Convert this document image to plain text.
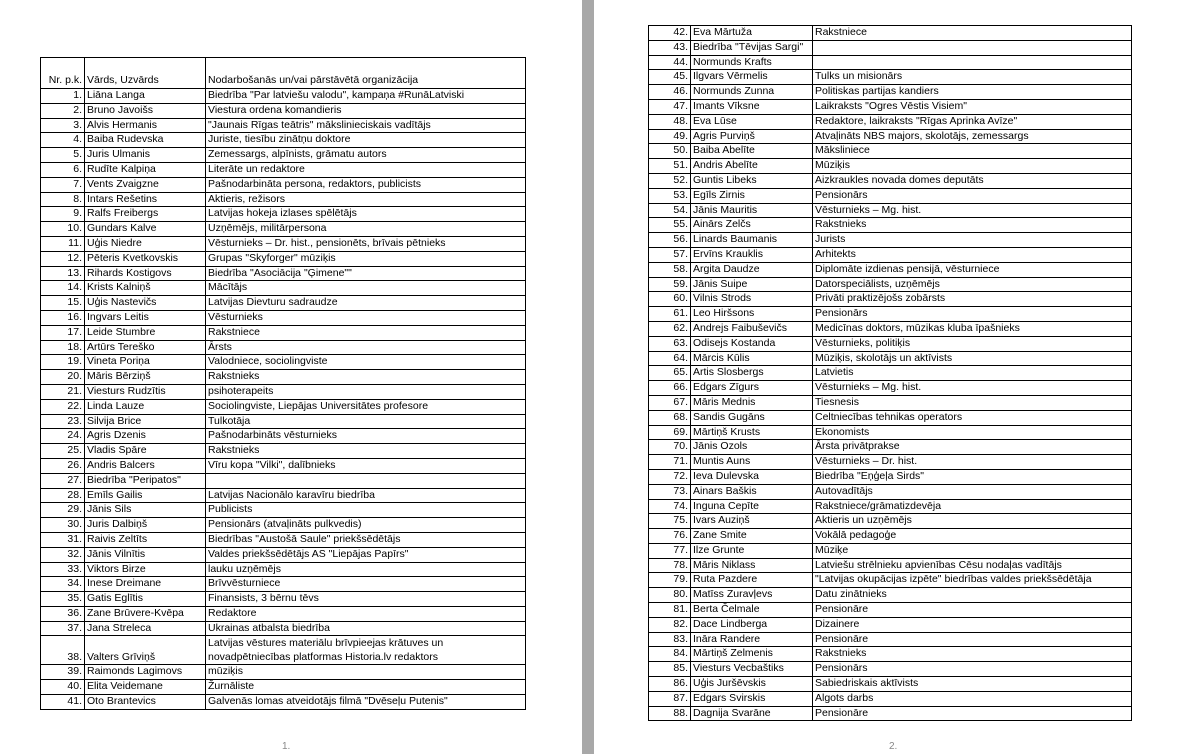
Nr. p.k.	Vārds, Uzvārds	Nodarbošanās un/vai pārstāvētā organizācija
1.	Liāna Langa	Biedrība "Par latviešu valodu", kampaņa #RunāLatviski
2.	Bruno Javoišs	Viestura ordena komandieris
3.	Alvis Hermanis	"Jaunais Rīgas teātris" mākslinieciskais vadītājs
4.	Baiba Rudevska	Juriste, tiesību zinātņu doktore
5.	Juris Ulmanis	Zemessargs, alpīnists, grāmatu autors
6.	Rudīte Kalpiņa	Literāte un redaktore
7.	Vents Zvaigzne	Pašnodarbināta persona, redaktors, publicists
8.	Intars Rešetins	Aktieris, režisors
9.	Ralfs Freibergs	Latvijas hokeja izlases spēlētājs
10.	Gundars Kalve	Uzņēmējs, militārpersona
11.	Uģis Niedre	Vēsturnieks – Dr. hist., pensionēts, brīvais pētnieks
12.	Pēteris Kvetkovskis	Grupas "Skyforger" mūziķis
13.	Rihards Kostigovs	Biedrība "Asociācija "Ģimene""
14.	Krists Kalniņš	Mācītājs
15.	Uģis Nastevičs	Latvijas Dievturu sadraudze
16.	Ingvars Leitis	Vēsturnieks
17.	Leide Stumbre	Rakstniece
18.	Artūrs Tereško	Ārsts
19.	Vineta Poriņa	Valodniece, sociolingviste
20.	Māris Bērziņš	Rakstnieks
21.	Viesturs Rudzītis	psihoterapeits
22.	Linda Lauze	Sociolingviste, Liepājas Universitātes profesore
23.	Silvija Brice	Tulkotāja
24.	Agris Dzenis	Pašnodarbināts vēsturnieks
25.	Vladis Spāre	Rakstnieks
26.	Andris Balcers	Vīru kopa "Vilki", dalībnieks
27.	Biedrība "Peripatos"	
28.	Emīls Gailis	Latvijas Nacionālo karavīru biedrība
29.	Jānis Sils	Publicists
30.	Juris Dalbiņš	Pensionārs (atvaļināts pulkvedis)
31.	Raivis Zeltīts	Biedrības "Austošā Saule" priekšsēdētājs
32.	Jānis Vilnītis	Valdes priekšsēdētājs AS "Liepājas Papīrs"
33.	Viktors Birze	lauku uzņēmējs
34.	Inese Dreimane	Brīvvēsturniece
35.	Gatis Eglītis	Finansists, 3 bērnu tēvs
36.	Zane Brūvere-Kvēpa	Redaktore
37.	Jana Streleca	Ukrainas atbalsta biedrība
38.	Valters Grīviņš	Latvijas vēstures materiālu brīvpieejas krātuves un novadpētniecības platformas Historia.lv redaktors
39.	Raimonds Lagimovs	mūziķis
40.	Elita Veidemane	Žurnāliste
41.	Oto Brantevics	Galvenās lomas atveidotājs filmā "Dvēseļu Putenis"
1.
42.	Eva Mārtuža	Rakstniece
43.	Biedrība "Tēvijas Sargi"	
44.	Normunds Krafts	
45.	Ilgvars Vērmelis	Tulks un misionārs
46.	Normunds Zunna	Politiskas partijas kandiers
47.	Imants Vīksne	Laikraksts "Ogres Vēstis Visiem"
48.	Eva Lūse	Redaktore, laikraksts "Rīgas Aprinka Avīze"
49.	Agris Purviņš	Atvaļināts NBS majors, skolotājs, zemessargs
50.	Baiba Abelīte	Māksliniece
51.	Andris Abelīte	Mūziķis
52.	Guntis Libeks	Aizkraukles novada domes deputāts
53.	Egīls Zirnis	Pensionārs
54.	Jānis Mauritis	Vēsturnieks – Mg. hist.
55.	Ainārs Zelčs	Rakstnieks
56.	Linards Baumanis	Jurists
57.	Ervīns Krauklis	Arhitekts
58.	Argita Daudze	Diplomāte izdienas pensijā, vēsturniece
59.	Jānis Suipe	Datorspeciālists, uzņēmējs
60.	Vilnis Strods	Privāti praktizējošs zobārsts
61.	Leo Hiršsons	Pensionārs
62.	Andrejs Faibuševičs	Medicīnas doktors, mūzikas kluba īpašnieks
63.	Odisejs Kostanda	Vēsturnieks, politiķis
64.	Mārcis Kūlis	Mūziķis, skolotājs un aktīvists
65.	Artis Slosbergs	Latvietis
66.	Edgars Zīgurs	Vēsturnieks – Mg. hist.
67.	Māris Mednis	Tiesnesis
68.	Sandis Gugāns	Celtniecības tehnikas operators
69.	Mārtiņš Krusts	Ekonomists
70.	Jānis Ozols	Ārsta privātprakse
71.	Muntis Auns	Vēsturnieks – Dr. hist.
72.	Ieva Dulevska	Biedrība "Eņģeļa Sirds"
73.	Ainars Baškis	Autovadītājs
74.	Inguna Cepīte	Rakstniece/grāmatizdevēja
75.	Ivars Auziņš	Aktieris un uzņēmējs
76.	Zane Smite	Vokālā pedagoģe
77.	Ilze Grunte	Mūziķe
78.	Māris Niklass	Latviešu strēlnieku apvienības Cēsu nodaļas vadītājs
79.	Ruta Pazdere	"Latvijas okupācijas izpēte" biedrības valdes priekšsēdētāja
80.	Matīss Zuravļevs	Datu zinātnieks
81.	Berta Čelmale	Pensionāre
82.	Dace Lindberga	Dizainere
83.	Ināra Randere	Pensionāre
84.	Mārtiņš Zelmenis	Rakstnieks
85.	Viesturs Vecbaštiks	Pensionārs
86.	Uģis Juršēvskis	Sabiedriskais aktīvists
87.	Edgars Svirskis	Algots darbs
88.	Dagnija Svarāne	Pensionāre
2.
